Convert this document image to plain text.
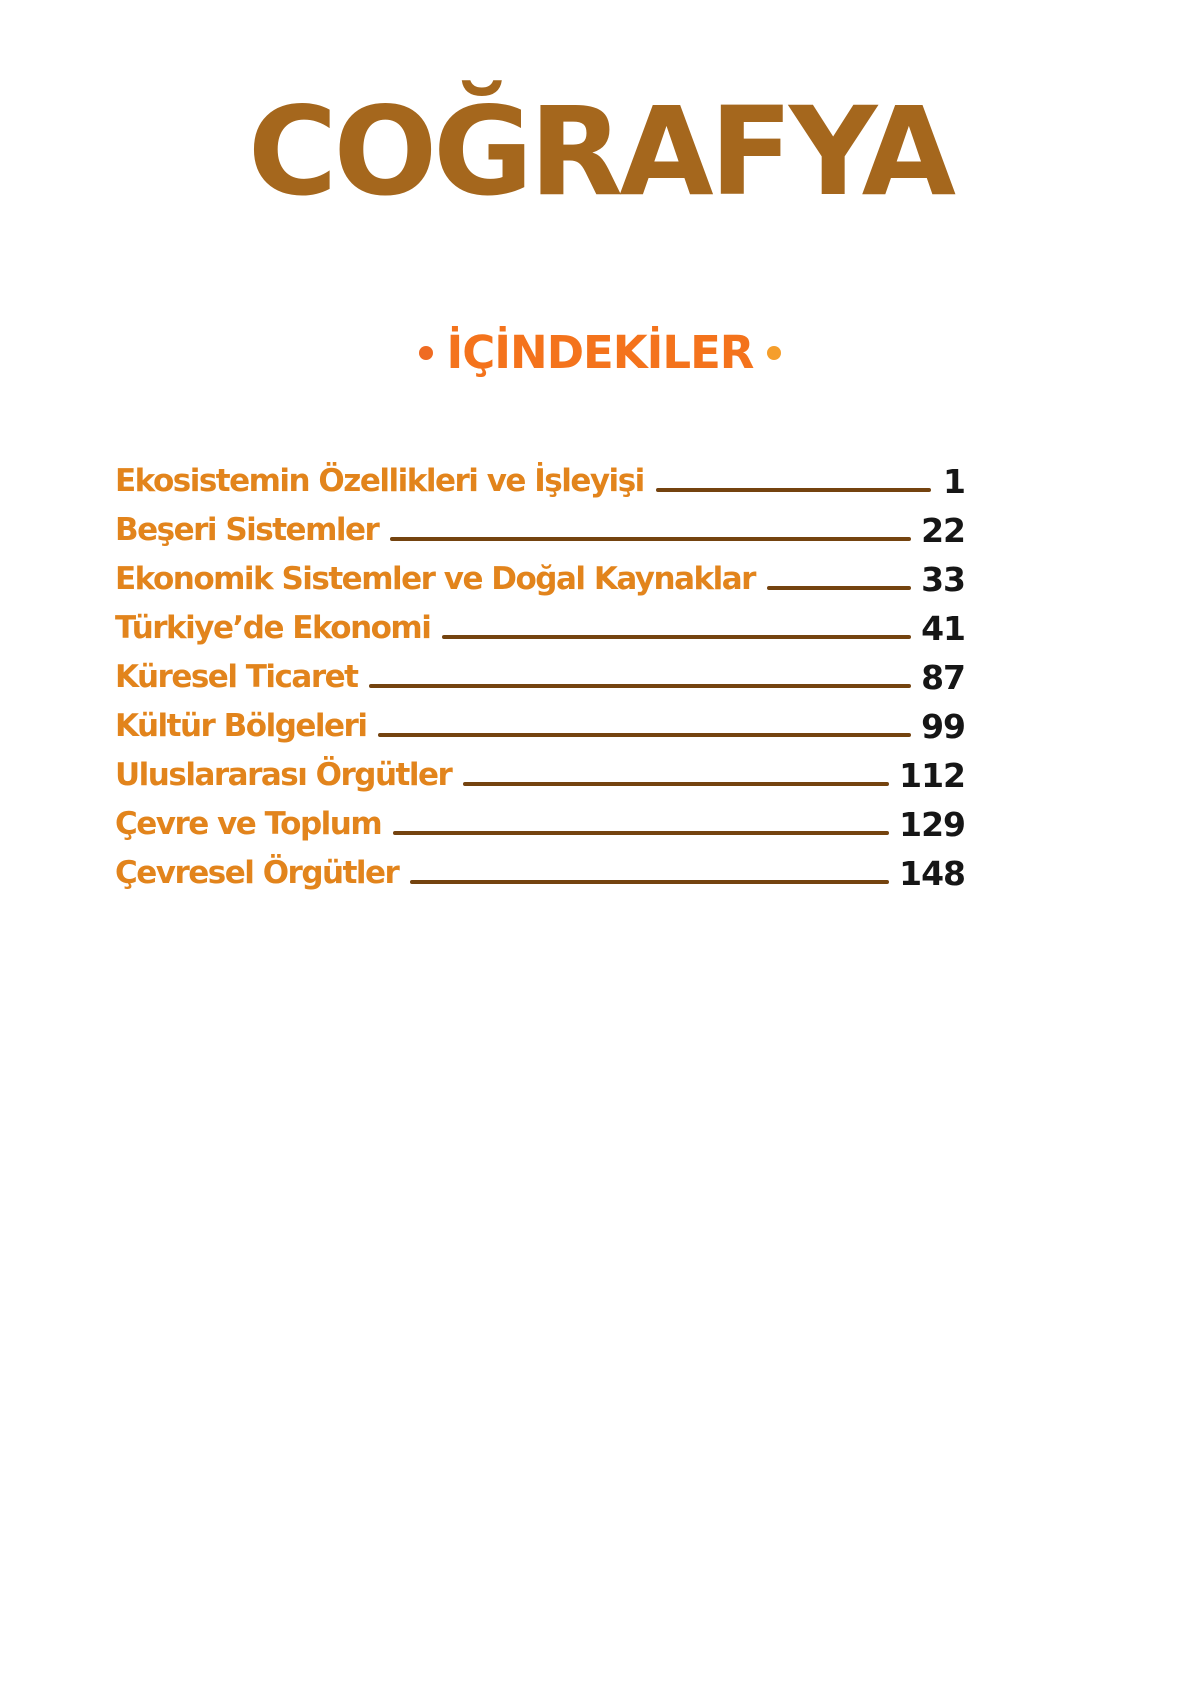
COĞRAFYA
İÇİNDEKİLER
Ekosistemin Özellikleri ve İşleyişi	1
Beşeri Sistemler	22
Ekonomik Sistemler ve Doğal Kaynaklar	33
Türkiye’de Ekonomi	41
Küresel Ticaret	87
Kültür Bölgeleri	99
Uluslararası Örgütler	112
Çevre ve Toplum	129
Çevresel Örgütler	148
